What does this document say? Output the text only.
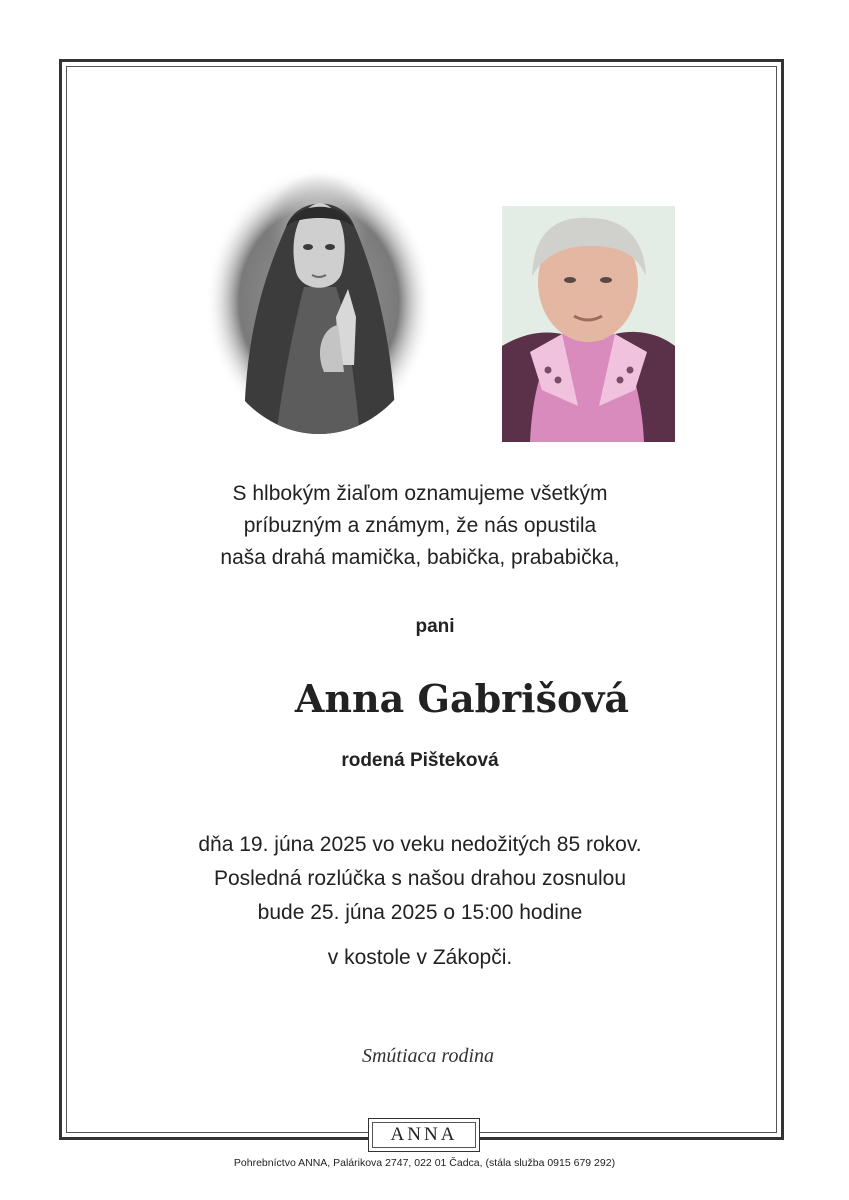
S hlbokým žiaľom oznamujeme všetkým
príbuzným a známym, že nás opustila
naša drahá mamička, babička, prababička,
pani
Anna Gabrišová
rodená Pišteková
dňa 19. júna 2025 vo veku nedožitých 85 rokov.
Posledná rozlúčka s našou drahou zosnulou
bude 25. júna 2025 o 15:00 hodine
v kostole v Zákopči.
Smútiaca rodina
ANNA
Pohrebníctvo ANNA, Palárikova 2747, 022 01 Čadca, (stála služba 0915 679 292)
